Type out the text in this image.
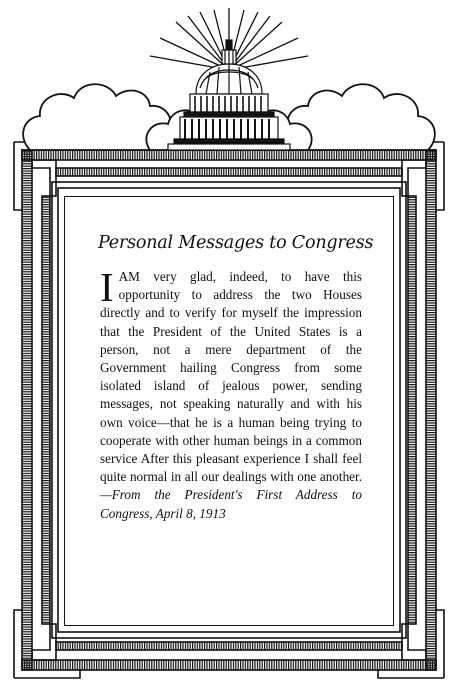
Personal Messages to Congress
I AM very glad, indeed, to have this opportunity to address the two Houses directly and to verify for myself the impression that the President of the United States is a person, not a mere department of the Government hailing Congress from some isolated island of jealous power, sending messages, not speaking naturally and with his own voice—that he is a human being trying to cooperate with other human beings in a common service After this pleasant experience I shall feel quite normal in all our dealings with one another.—From the President's First Address to Congress, April 8, 1913
